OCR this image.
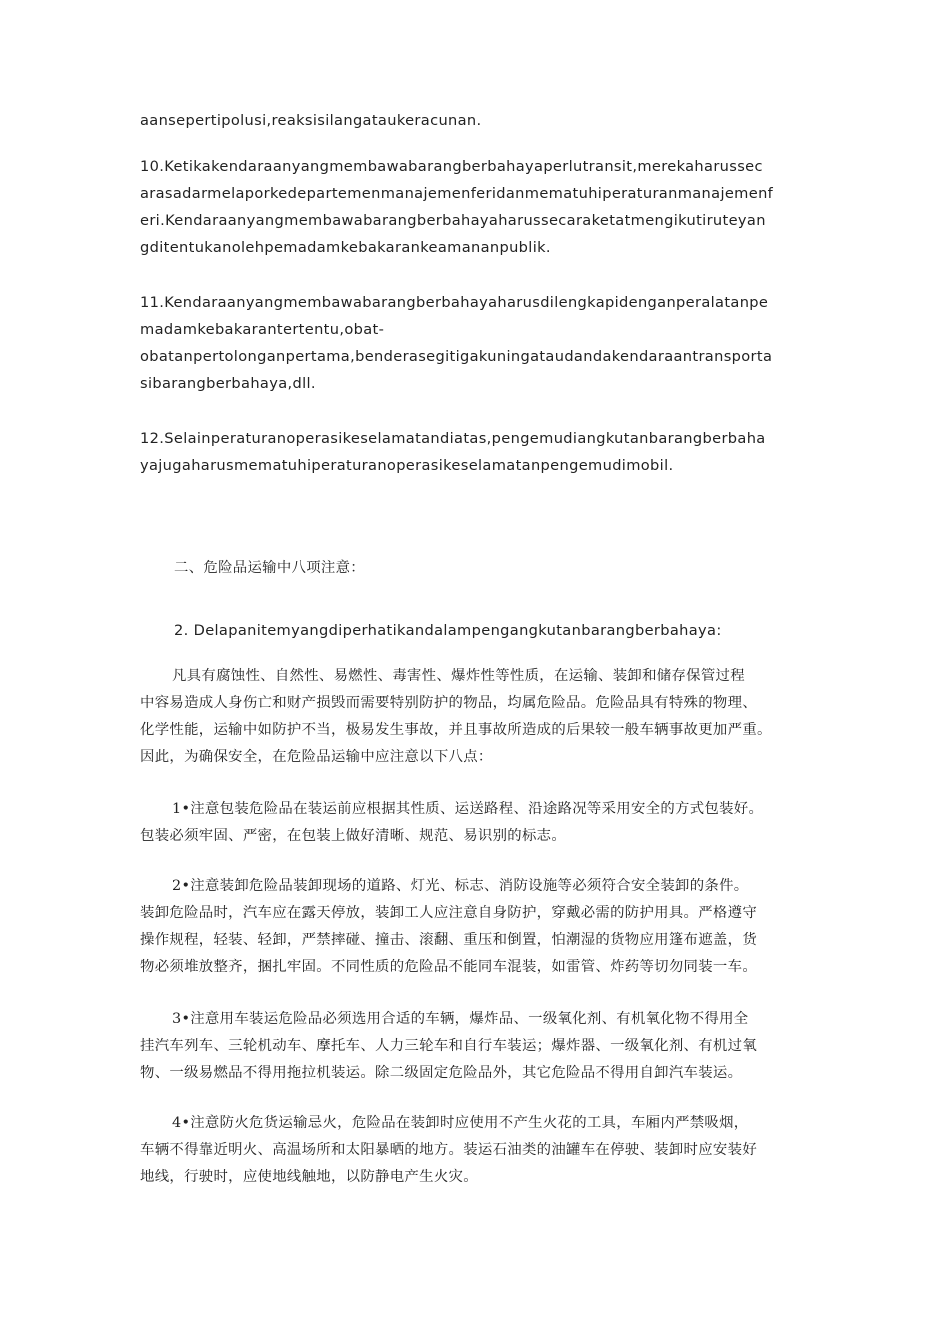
aansepertipolusi,reaksisilangataukeracunan.
10.Ketikakendaraanyangmembawabarangberbahayaperlutransit,merekaharussec
arasadarmelaporkedepartemenmanajemenferidanmematuhiperaturanmanajemenf
eri.Kendaraanyangmembawabarangberbahayaharussecaraketatmengikutiruteyan
gditentukanolehpemadamkebakarankeamananpublik.
11.Kendaraanyangmembawabarangberbahayaharusdilengkapidenganperalatanpe
madamkebakarantertentu,obat-
obatanpertolonganpertama,benderasegitigakuningataudandakendaraantransporta
sibarangberbahaya,dll.
12.Selainperaturanoperasikeselamatandiatas,pengemudiangkutanbarangberbaha
yajugaharusmematuhiperaturanoperasikeselamatanpengemudimobil.
二、危险品运输中八项注意：
2. Delapanitemyangdiperhatikandalampengangkutanbarangberbahaya:
凡具有腐蚀性、自然性、易燃性、毒害性、爆炸性等性质，在运输、装卸和储存保管过程
中容易造成人身伤亡和财产损毁而需要特别防护的物品，均属危险品。危险品具有特殊的物理、
化学性能，运输中如防护不当，极易发生事故，并且事故所造成的后果较一般车辆事故更加严重。
因此，为确保安全，在危险品运输中应注意以下八点：
1•注意包装危险品在装运前应根据其性质、运送路程、沿途路况等采用安全的方式包装好。
包装必须牢固、严密，在包装上做好清晰、规范、易识别的标志。
2•注意装卸危险品装卸现场的道路、灯光、标志、消防设施等必须符合安全装卸的条件。
装卸危险品时，汽车应在露天停放，装卸工人应注意自身防护，穿戴必需的防护用具。严格遵守
操作规程，轻装、轻卸，严禁摔碰、撞击、滚翻、重压和倒置，怕潮湿的货物应用篷布遮盖，货
物必须堆放整齐，捆扎牢固。不同性质的危险品不能同车混装，如雷管、炸药等切勿同装一车。
3•注意用车装运危险品必须选用合适的车辆，爆炸品、一级氧化剂、有机氧化物不得用全
挂汽车列车、三轮机动车、摩托车、人力三轮车和自行车装运；爆炸器、一级氧化剂、有机过氧
物、一级易燃品不得用拖拉机装运。除二级固定危险品外，其它危险品不得用自卸汽车装运。
4•注意防火危货运输忌火，危险品在装卸时应使用不产生火花的工具，车厢内严禁吸烟，
车辆不得靠近明火、高温场所和太阳暴晒的地方。装运石油类的油罐车在停驶、装卸时应安装好
地线，行驶时，应使地线触地，以防静电产生火灾。
